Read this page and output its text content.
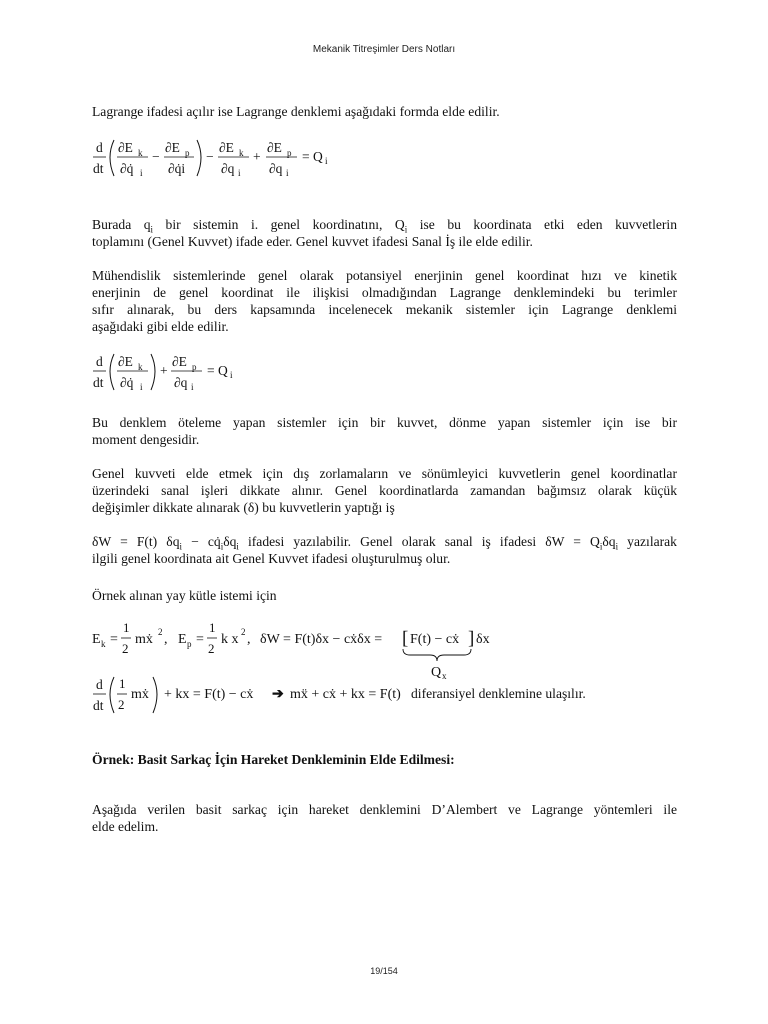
Mekanik Titreşimler Ders Notları
Lagrange ifadesi açılır ise Lagrange denklemi aşağıdaki formda elde edilir.
d
dt
∂E k
∂q̇ i
−
∂E p
∂q̇i
−
∂E k
∂q i
+
∂E p
∂q i
= Q i
Burada $q_i$ bir sistemin i. genel koordinatını, $Q_i$ ise bu koordinata etki eden kuvvetlerin
toplamını (Genel Kuvvet) ifade eder. Genel kuvvet ifadesi Sanal İş ile elde edilir.
Mühendislik sistemlerinde genel olarak potansiyel enerjinin genel koordinat hızı ve kinetik
enerjinin de genel koordinat ile ilişkisi olmadığından Lagrange denklemindeki bu terimler
sıfır alınarak, bu ders kapsamında incelenecek mekanik sistemler için Lagrange denklemi
aşağıdaki gibi elde edilir.
d
dt
∂E k
∂q̇ i
+
∂E p
∂q i
= Q i
Bu denklem öteleme yapan sistemler için bir kuvvet, dönme yapan sistemler için ise bir
moment dengesidir.
Genel kuvveti elde etmek için dış zorlamaların ve sönümleyici kuvvetlerin genel koordinatlar
üzerindeki sanal işleri dikkate alınır. Genel koordinatlarda zamandan bağımsız olarak küçük
değişimler dikkate alınarak (δ) bu kuvvetlerin yaptığı iş
δW = F(t) $\delta q_i$ − $cq̇_i\delta q_i$ ifadesi yazılabilir. Genel olarak sanal iş ifadesi $\delta W = Q_i\delta q_i$ yazılarak
ilgili genel koordinata ait Genel Kuvvet ifadesi oluşturulmuş olur.
Örnek alınan yay kütle istemi için
E k =
1
2
mẋ 2 , E p =
1
2
k x 2 , δW = F(t)δx − cẋδx = [ F(t) − cẋ ] δx
Q x
d
dt
1
2
mẋ + kx = F(t) − cẋ ➔ mẍ + cẋ + kx = F(t) diferansiyel denklemine ulaşılır.
Örnek: Basit Sarkaç İçin Hareket Denkleminin Elde Edilmesi:
Aşağıda verilen basit sarkaç için hareket denklemini D’Alembert ve Lagrange yöntemleri ile
elde edelim.
19/154
